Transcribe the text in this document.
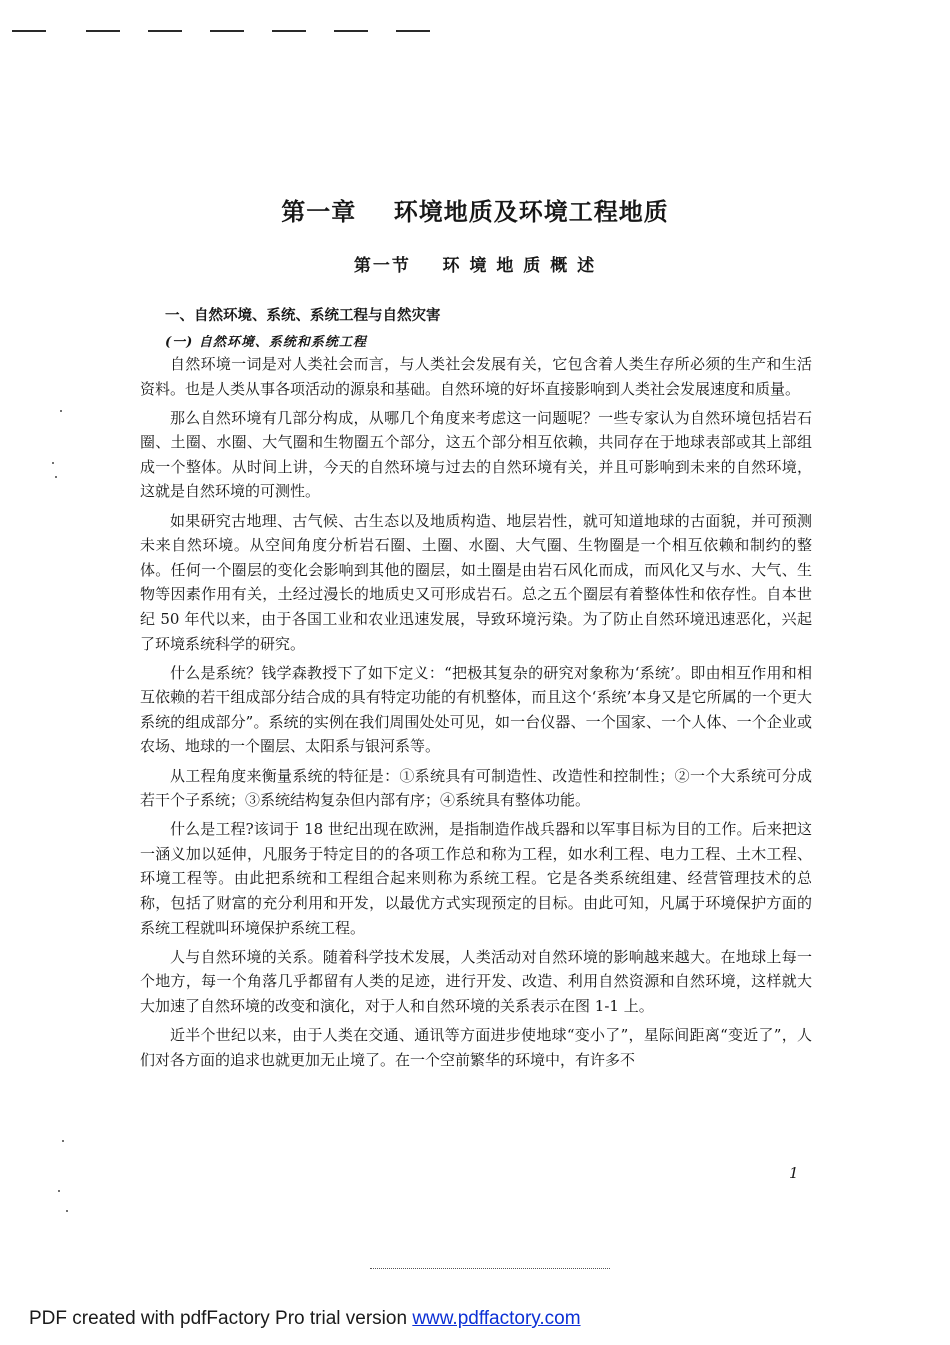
第一章    环境地质及环境工程地质
第一节    环 境 地 质 概 述
一、自然环境、系统、系统工程与自然灾害
(一) 自然环境、系统和系统工程

自然环境一词是对人类社会而言，与人类社会发展有关，它包含着人类生存所必须的生产和生活资料。也是人类从事各项活动的源泉和基础。自然环境的好坏直接影响到人类社会发展速度和质量。

那么自然环境有几部分构成，从哪几个角度来考虑这一问题呢？一些专家认为自然环境包括岩石圈、土圈、水圈、大气圈和生物圈五个部分，这五个部分相互依赖，共同存在于地球表部或其上部组成一个整体。从时间上讲，今天的自然环境与过去的自然环境有关，并且可影响到未来的自然环境，这就是自然环境的可测性。

如果研究古地理、古气候、古生态以及地质构造、地层岩性，就可知道地球的古面貌，并可预测未来自然环境。从空间角度分析岩石圈、土圈、水圈、大气圈、生物圈是一个相互依赖和制约的整体。任何一个圈层的变化会影响到其他的圈层，如土圈是由岩石风化而成，而风化又与水、大气、生物等因素作用有关，土经过漫长的地质史又可形成岩石。总之五个圈层有着整体性和依存性。自本世纪 50 年代以来，由于各国工业和农业迅速发展，导致环境污染。为了防止自然环境迅速恶化，兴起了环境系统科学的研究。

什么是系统？钱学森教授下了如下定义：“把极其复杂的研究对象称为‘系统’。即由相互作用和相互依赖的若干组成部分结合成的具有特定功能的有机整体，而且这个‘系统’本身又是它所属的一个更大系统的组成部分”。系统的实例在我们周围处处可见，如一台仪器、一个国家、一个人体、一个企业或农场、地球的一个圈层、太阳系与银河系等。

从工程角度来衡量系统的特征是：①系统具有可制造性、改造性和控制性；②一个大系统可分成若干个子系统；③系统结构复杂但内部有序；④系统具有整体功能。

什么是工程?该词于 18 世纪出现在欧洲，是指制造作战兵器和以军事目标为目的工作。后来把这一涵义加以延伸，凡服务于特定目的的各项工作总和称为工程，如水利工程、电力工程、土木工程、环境工程等。由此把系统和工程组合起来则称为系统工程。它是各类系统组建、经营管理技术的总称，包括了财富的充分利用和开发，以最优方式实现预定的目标。由此可知，凡属于环境保护方面的系统工程就叫环境保护系统工程。

人与自然环境的关系。随着科学技术发展，人类活动对自然环境的影响越来越大。在地球上每一个地方，每一个角落几乎都留有人类的足迹，进行开发、改造、利用自然资源和自然环境，这样就大大加速了自然环境的改变和演化，对于人和自然环境的关系表示在图 1-1 上。

近半个世纪以来，由于人类在交通、通讯等方面进步使地球“变小了”，星际间距离“变近了”，人们对各方面的追求也就更加无止境了。在一个空前繁华的环境中，有许多不

1

PDF created with pdfFactory Pro trial version www.pdffactory.com
